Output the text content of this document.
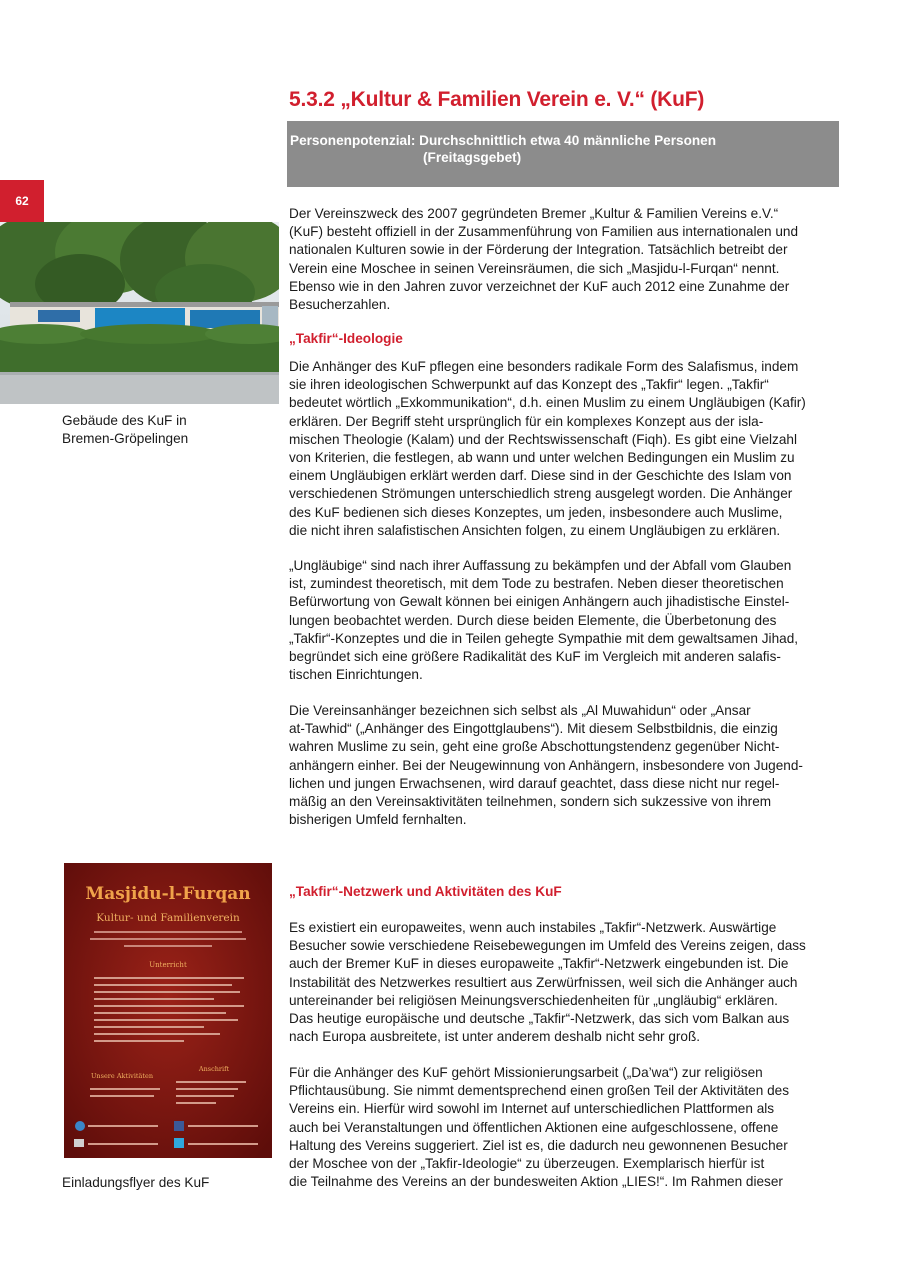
62
5.3.2 „Kultur & Familien Verein e. V.“ (KuF)
Personenpotenzial: Durchschnittlich etwa 40 männliche Personen
(Freitagsgebet)
Gebäude des KuF in
Bremen-Gröpelingen

Der Vereinszweck des 2007 gegründeten Bremer „Kultur & Familien Vereins e.V.“
(KuF) besteht offiziell in der Zusammenführung von Familien aus internationalen und
nationalen Kulturen sowie in der Förderung der Integration. Tatsächlich betreibt der
Verein eine Moschee in seinen Vereinsräumen, die sich „Masjidu-l-Furqan“ nennt.
Ebenso wie in den Jahren zuvor verzeichnet der KuF auch 2012 eine Zunahme der
Besucherzahlen.

„Takfir“-Ideologie

Die Anhänger des KuF pflegen eine besonders radikale Form des Salafismus, indem
sie ihren ideologischen Schwerpunkt auf das Konzept des „Takfir“ legen. „Takfir“
bedeutet wörtlich „Exkommunikation“, d.h. einen Muslim zu einem Ungläubigen (Kafir)
erklären. Der Begriff steht ursprünglich für ein komplexes Konzept aus der isla-
mischen Theologie (Kalam) und der Rechtswissenschaft (Fiqh). Es gibt eine Vielzahl
von Kriterien, die festlegen, ab wann und unter welchen Bedingungen ein Muslim zu
einem Ungläubigen erklärt werden darf. Diese sind in der Geschichte des Islam von
verschiedenen Strömungen unterschiedlich streng ausgelegt worden. Die Anhänger
des KuF bedienen sich dieses Konzeptes, um jeden, insbesondere auch Muslime,
die nicht ihren salafistischen Ansichten folgen, zu einem Ungläubigen zu erklären.

„Ungläubige“ sind nach ihrer Auffassung zu bekämpfen und der Abfall vom Glauben
ist, zumindest theoretisch, mit dem Tode zu bestrafen. Neben dieser theoretischen
Befürwortung von Gewalt können bei einigen Anhängern auch jihadistische Einstel-
lungen beobachtet werden. Durch diese beiden Elemente, die Überbetonung des
„Takfir“-Konzeptes und die in Teilen gehegte Sympathie mit dem gewaltsamen Jihad,
begründet sich eine größere Radikalität des KuF im Vergleich mit anderen salafis-
tischen Einrichtungen.

Die Vereinsanhänger bezeichnen sich selbst als „Al Muwahidun“ oder „Ansar
at-Tawhid“ („Anhänger des Eingottglaubens“). Mit diesem Selbstbildnis, die einzig
wahren Muslime zu sein, geht eine große Abschottungstendenz gegenüber Nicht-
anhängern einher. Bei der Neugewinnung von Anhängern, insbesondere von Jugend-
lichen und jungen Erwachsenen, wird darauf geachtet, dass diese nicht nur regel-
mäßig an den Vereinsaktivitäten teilnehmen, sondern sich sukzessive von ihrem
bisherigen Umfeld fernhalten.

Masjidu-l-Furqan
Kultur- und Familienverein
Unterricht
Unsere Aktivitäten
Anschrift
Einladungsflyer des KuF
„Takfir“-Netzwerk und Aktivitäten des KuF

Es existiert ein europaweites, wenn auch instabiles „Takfir“-Netzwerk. Auswärtige
Besucher sowie verschiedene Reisebewegungen im Umfeld des Vereins zeigen, dass
auch der Bremer KuF in dieses europaweite „Takfir“-Netzwerk eingebunden ist. Die
Instabilität des Netzwerkes resultiert aus Zerwürfnissen, weil sich die Anhänger auch
untereinander bei religiösen Meinungsverschiedenheiten für „ungläubig“ erklären.
Das heutige europäische und deutsche „Takfir“-Netzwerk, das sich vom Balkan aus
nach Europa ausbreitete, ist unter anderem deshalb nicht sehr groß.

Für die Anhänger des KuF gehört Missionierungsarbeit („Da’wa“) zur religiösen
Pflichtausübung. Sie nimmt dementsprechend einen großen Teil der Aktivitäten des
Vereins ein. Hierfür wird sowohl im Internet auf unterschiedlichen Plattformen als
auch bei Veranstaltungen und öffentlichen Aktionen eine aufgeschlossene, offene
Haltung des Vereins suggeriert. Ziel ist es, die dadurch neu gewonnenen Besucher
der Moschee von der „Takfir-Ideologie“ zu überzeugen. Exemplarisch hierfür ist
die Teilnahme des Vereins an der bundesweiten Aktion „LIES!“. Im Rahmen dieser
